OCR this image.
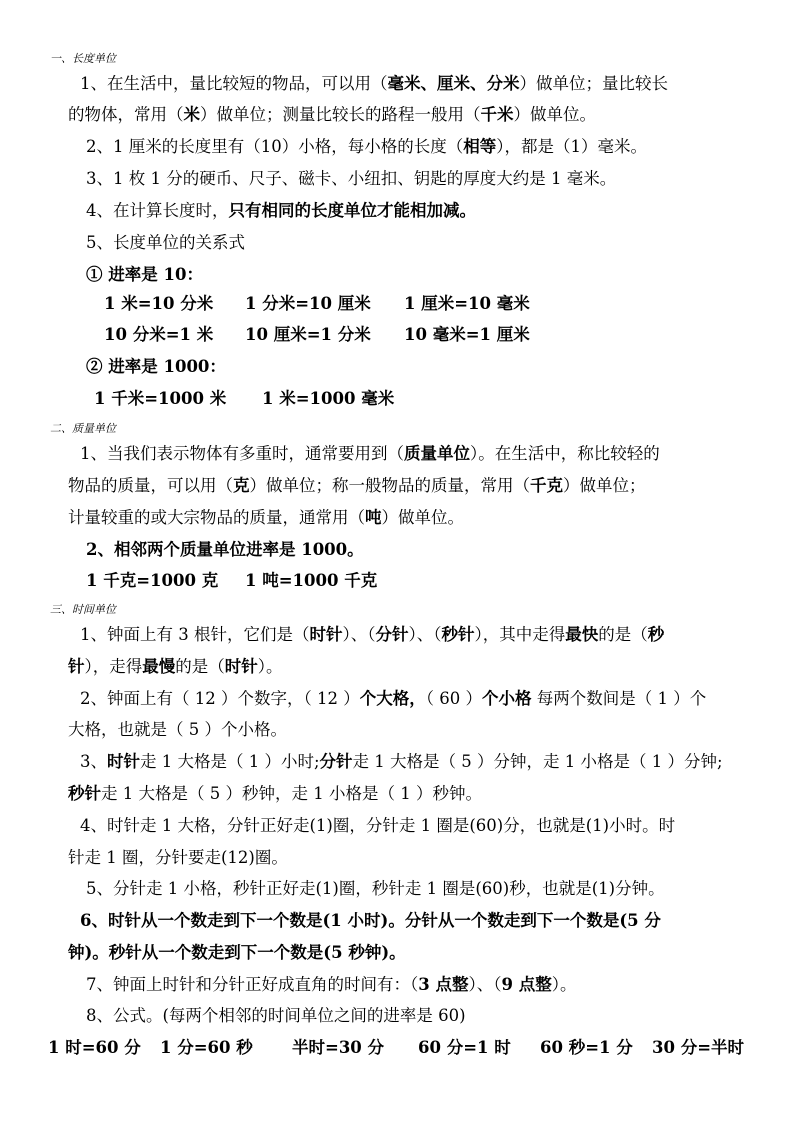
一、长度单位
1、在生活中，量比较短的物品，可以用（毫米、厘米、分米）做单位；量比较长
的物体，常用（米）做单位；测量比较长的路程一般用（千米）做单位。
2、1 厘米的长度里有（10）小格，每小格的长度（相等），都是（1）毫米。
3、1 枚 1 分的硬币、尺子、磁卡、小纽扣、钥匙的厚度大约是 1 毫米。
4、在计算长度时，只有相同的长度单位才能相加减。
5、长度单位的关系式
① 进率是 10：
1 米=10 分米 1 分米=10 厘米 1 厘米=10 毫米
10 分米=1 米 10 厘米=1 分米 10 毫米=1 厘米
② 进率是 1000：
1 千米=1000 米 1 米=1000 毫米
二、质量单位
1、当我们表示物体有多重时，通常要用到（质量单位）。在生活中，称比较轻的
物品的质量，可以用（克）做单位；称一般物品的质量，常用（千克）做单位；
计量较重的或大宗物品的质量，通常用（吨）做单位。
2、相邻两个质量单位进率是 1000。
1 千克=1000 克 1 吨=1000 千克
三、时间单位
1、钟面上有 3 根针，它们是（时针）、（分针）、（秒针），其中走得最快的是（秒
针），走得最慢的是（时针）。
2、钟面上有（ 12 ）个数字，（ 12 ）个大格，（ 60 ）个小格 每两个数间是（ 1 ）个
大格，也就是（ 5 ）个小格。
3、时针走 1 大格是（ 1 ）小时;分针走 1 大格是（ 5 ）分钟，走 1 小格是（ 1 ）分钟;
秒针走 1 大格是（ 5 ）秒钟，走 1 小格是（ 1 ）秒钟。
4、时针走 1 大格，分针正好走(1)圈，分针走 1 圈是(60)分，也就是(1)小时。时
针走 1 圈，分针要走(12)圈。
5、分针走 1 小格，秒针正好走(1)圈，秒针走 1 圈是(60)秒，也就是(1)分钟。
6、时针从一个数走到下一个数是(1 小时)。分针从一个数走到下一个数是(5 分
钟)。秒针从一个数走到下一个数是(5 秒钟)。
7、钟面上时针和分针正好成直角的时间有：（3 点整）、（9 点整）。
8、公式。(每两个相邻的时间单位之间的进率是 60)
1 时=60 分 1 分=60 秒 半时=30 分 60 分=1 时 60 秒=1 分 30 分=半时
